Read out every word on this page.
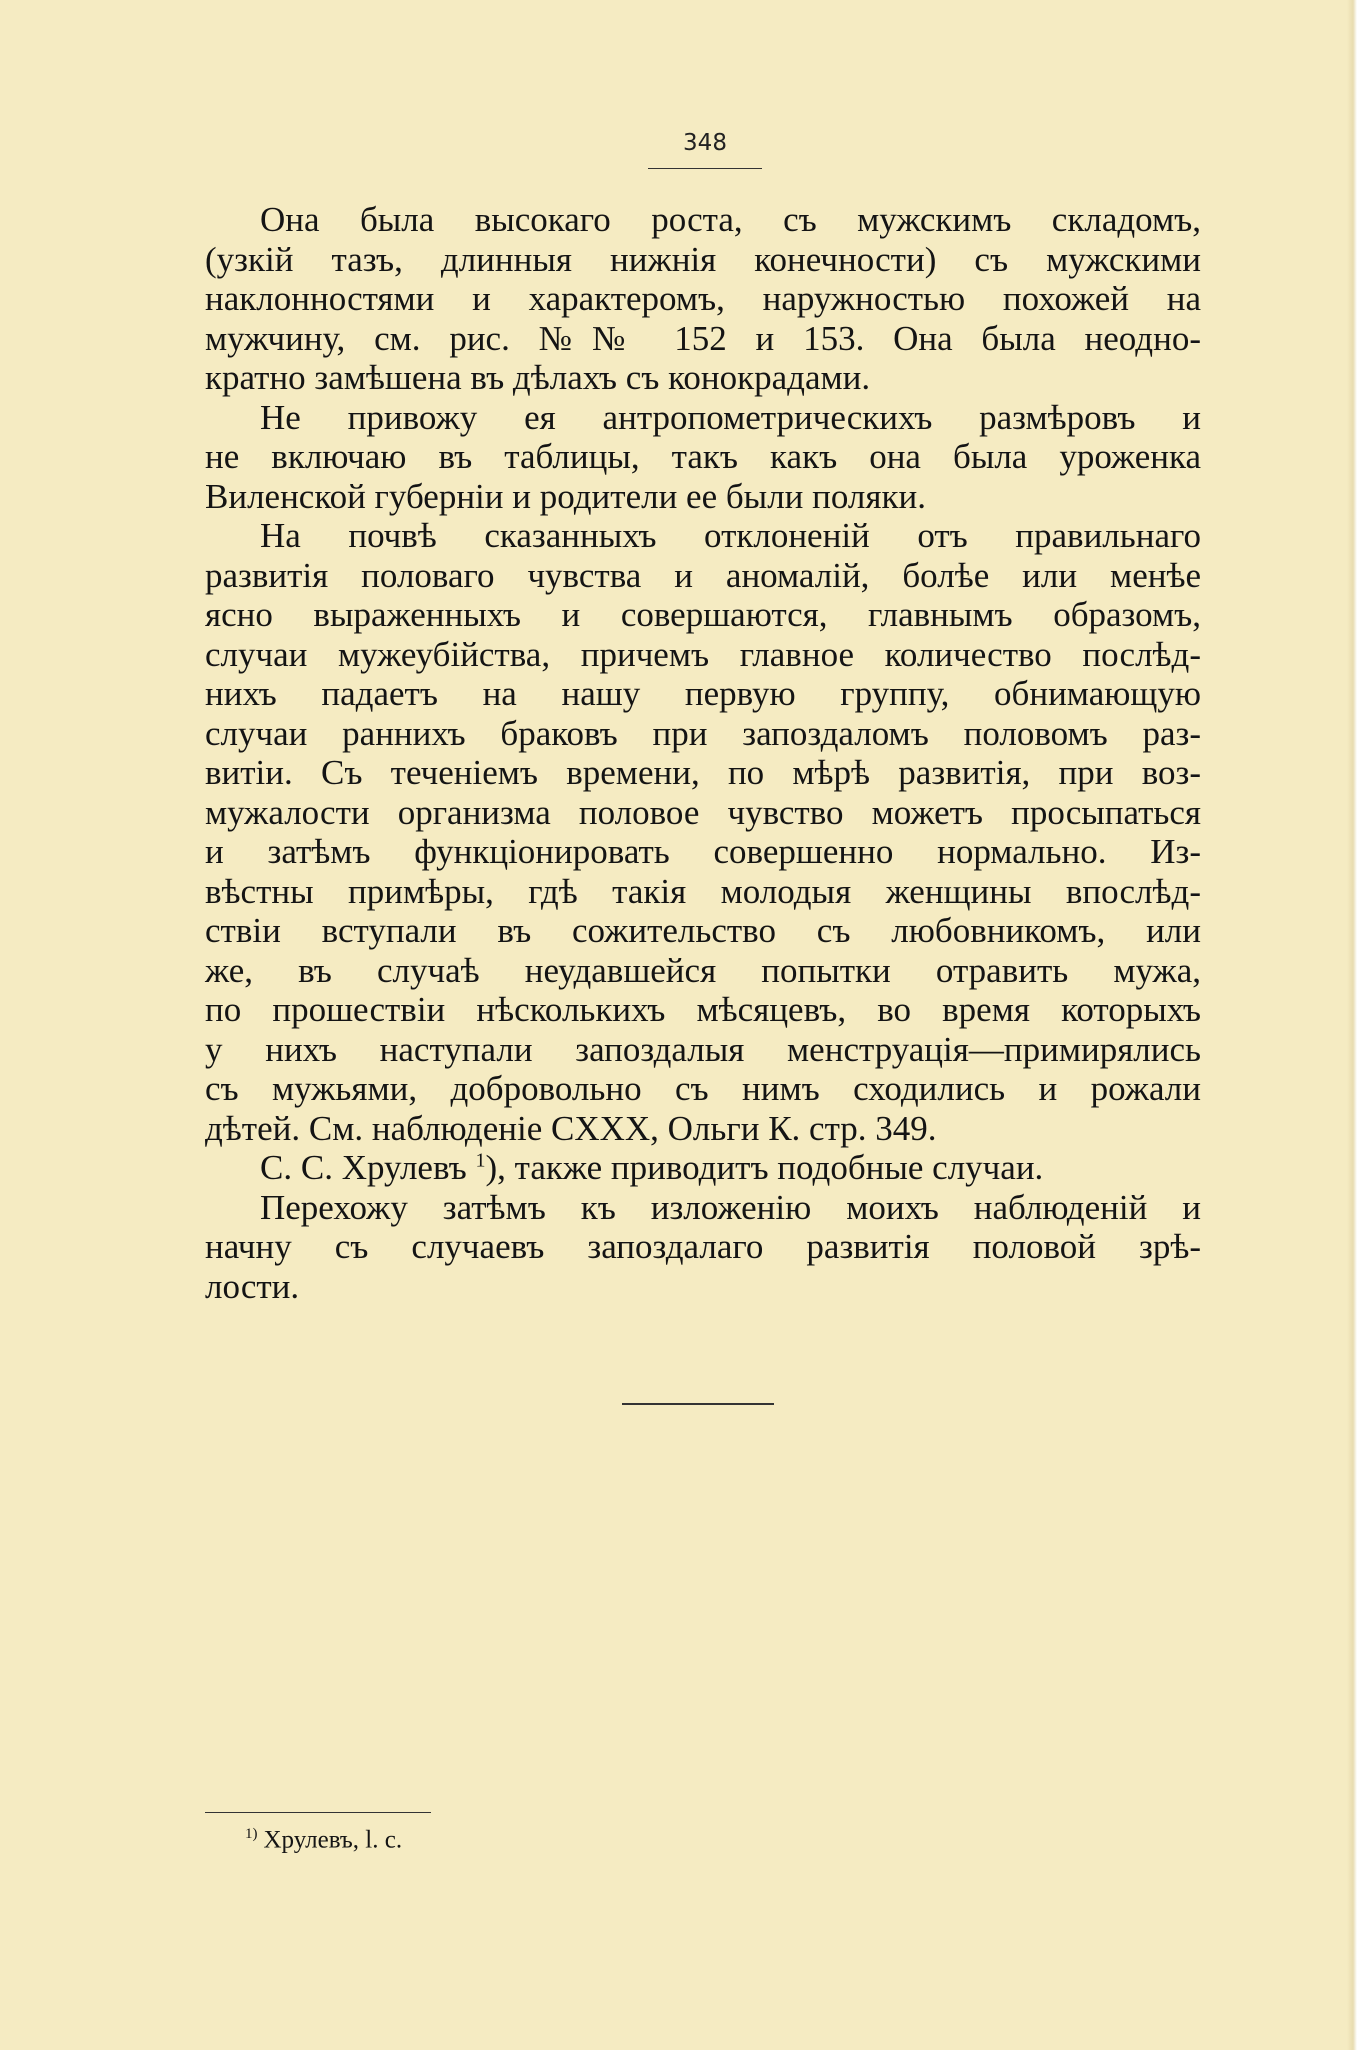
348
Она была высокаго роста, съ мужскимъ складомъ,
(узкій тазъ, длинныя нижнія конечности) съ мужскими
наклонностями и характеромъ, наружностью похожей на
мужчину, см. рис. №№ 152 и 153. Она была неодно-
кратно замѣшена въ дѣлахъ съ конокрадами.
Не привожу ея антропометрическихъ размѣровъ и
не включаю въ таблицы, такъ какъ она была уроженка
Виленской губерніи и родители ее были поляки.
На почвѣ сказанныхъ отклоненій отъ правильнаго
развитія половаго чувства и аномалій, болѣе или менѣе
ясно выраженныхъ и совершаются, главнымъ образомъ,
случаи мужеубійства, причемъ главное количество послѣд-
нихъ падаетъ на нашу первую группу, обнимающую
случаи раннихъ браковъ при запоздаломъ половомъ раз-
витіи. Съ теченіемъ времени, по мѣрѣ развитія, при воз-
мужалости организма половое чувство можетъ просыпаться
и затѣмъ функціонировать совершенно нормально. Из-
вѣстны примѣры, гдѣ такія молодыя женщины впослѣд-
ствіи вступали въ сожительство съ любовникомъ, или
же, въ случаѣ неудавшейся попытки отравить мужа,
по прошествіи нѣсколькихъ мѣсяцевъ, во время которыхъ
у нихъ наступали запоздалыя менструація—примирялись
съ мужьями, добровольно съ нимъ сходились и рожали
дѣтей. См. наблюденіе CXXX, Ольги К. стр. 349.
С. С. Хрулевъ $^1$), также приводитъ подобные случаи.
Перехожу затѣмъ къ изложенію моихъ наблюденій и
начну съ случаевъ запоздалаго развитія половой зрѣ-
лости.
$^{1)}$ Хрулевъ, l. c.
